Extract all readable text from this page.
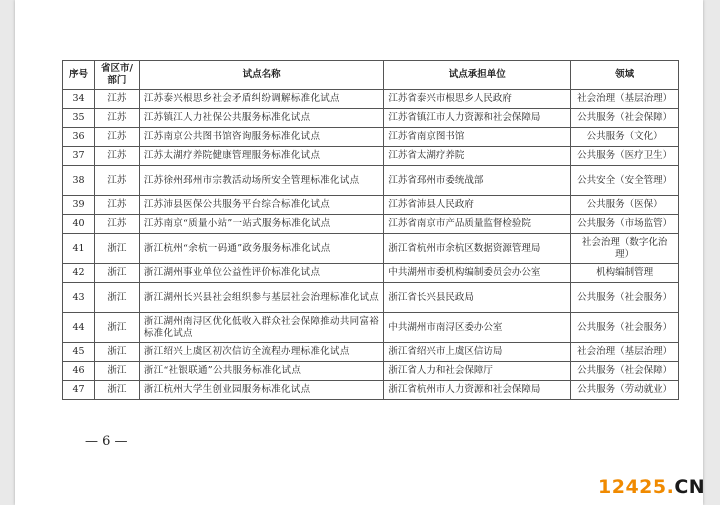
序号	省区市/部门	试点名称	试点承担单位	领域
34	江苏	江苏泰兴根思乡社会矛盾纠纷调解标准化试点	江苏省泰兴市根思乡人民政府	社会治理（基层治理）
35	江苏	江苏镇江人力社保公共服务标准化试点	江苏省镇江市人力资源和社会保障局	公共服务（社会保障）
36	江苏	江苏南京公共图书馆咨询服务标准化试点	江苏省南京图书馆	公共服务（文化）
37	江苏	江苏太湖疗养院健康管理服务标准化试点	江苏省太湖疗养院	公共服务（医疗卫生）
38	江苏	江苏徐州邳州市宗教活动场所安全管理标准化试点	江苏省邳州市委统战部	公共安全（安全管理）
39	江苏	江苏沛县医保公共服务平台综合标准化试点	江苏省沛县人民政府	公共服务（医保）
40	江苏	江苏南京“质量小站”一站式服务标准化试点	江苏省南京市产品质量监督检验院	公共服务（市场监管）
41	浙江	浙江杭州“余杭一码通”政务服务标准化试点	浙江省杭州市余杭区数据资源管理局	社会治理（数字化治理）
42	浙江	浙江湖州事业单位公益性评价标准化试点	中共湖州市委机构编制委员会办公室	机构编制管理
43	浙江	浙江湖州长兴县社会组织参与基层社会治理标准化试点	浙江省长兴县民政局	公共服务（社会服务）
44	浙江	浙江湖州南浔区优化低收入群众社会保障推动共同富裕标准化试点	中共湖州市南浔区委办公室	公共服务（社会服务）
45	浙江	浙江绍兴上虞区初次信访全流程办理标准化试点	浙江省绍兴市上虞区信访局	社会治理（基层治理）
46	浙江	浙江“社银联通”公共服务标准化试点	浙江省人力和社会保障厅	公共服务（社会保障）
47	浙江	浙江杭州大学生创业园服务标准化试点	浙江省杭州市人力资源和社会保障局	公共服务（劳动就业）
— 6 —
12425.CN
